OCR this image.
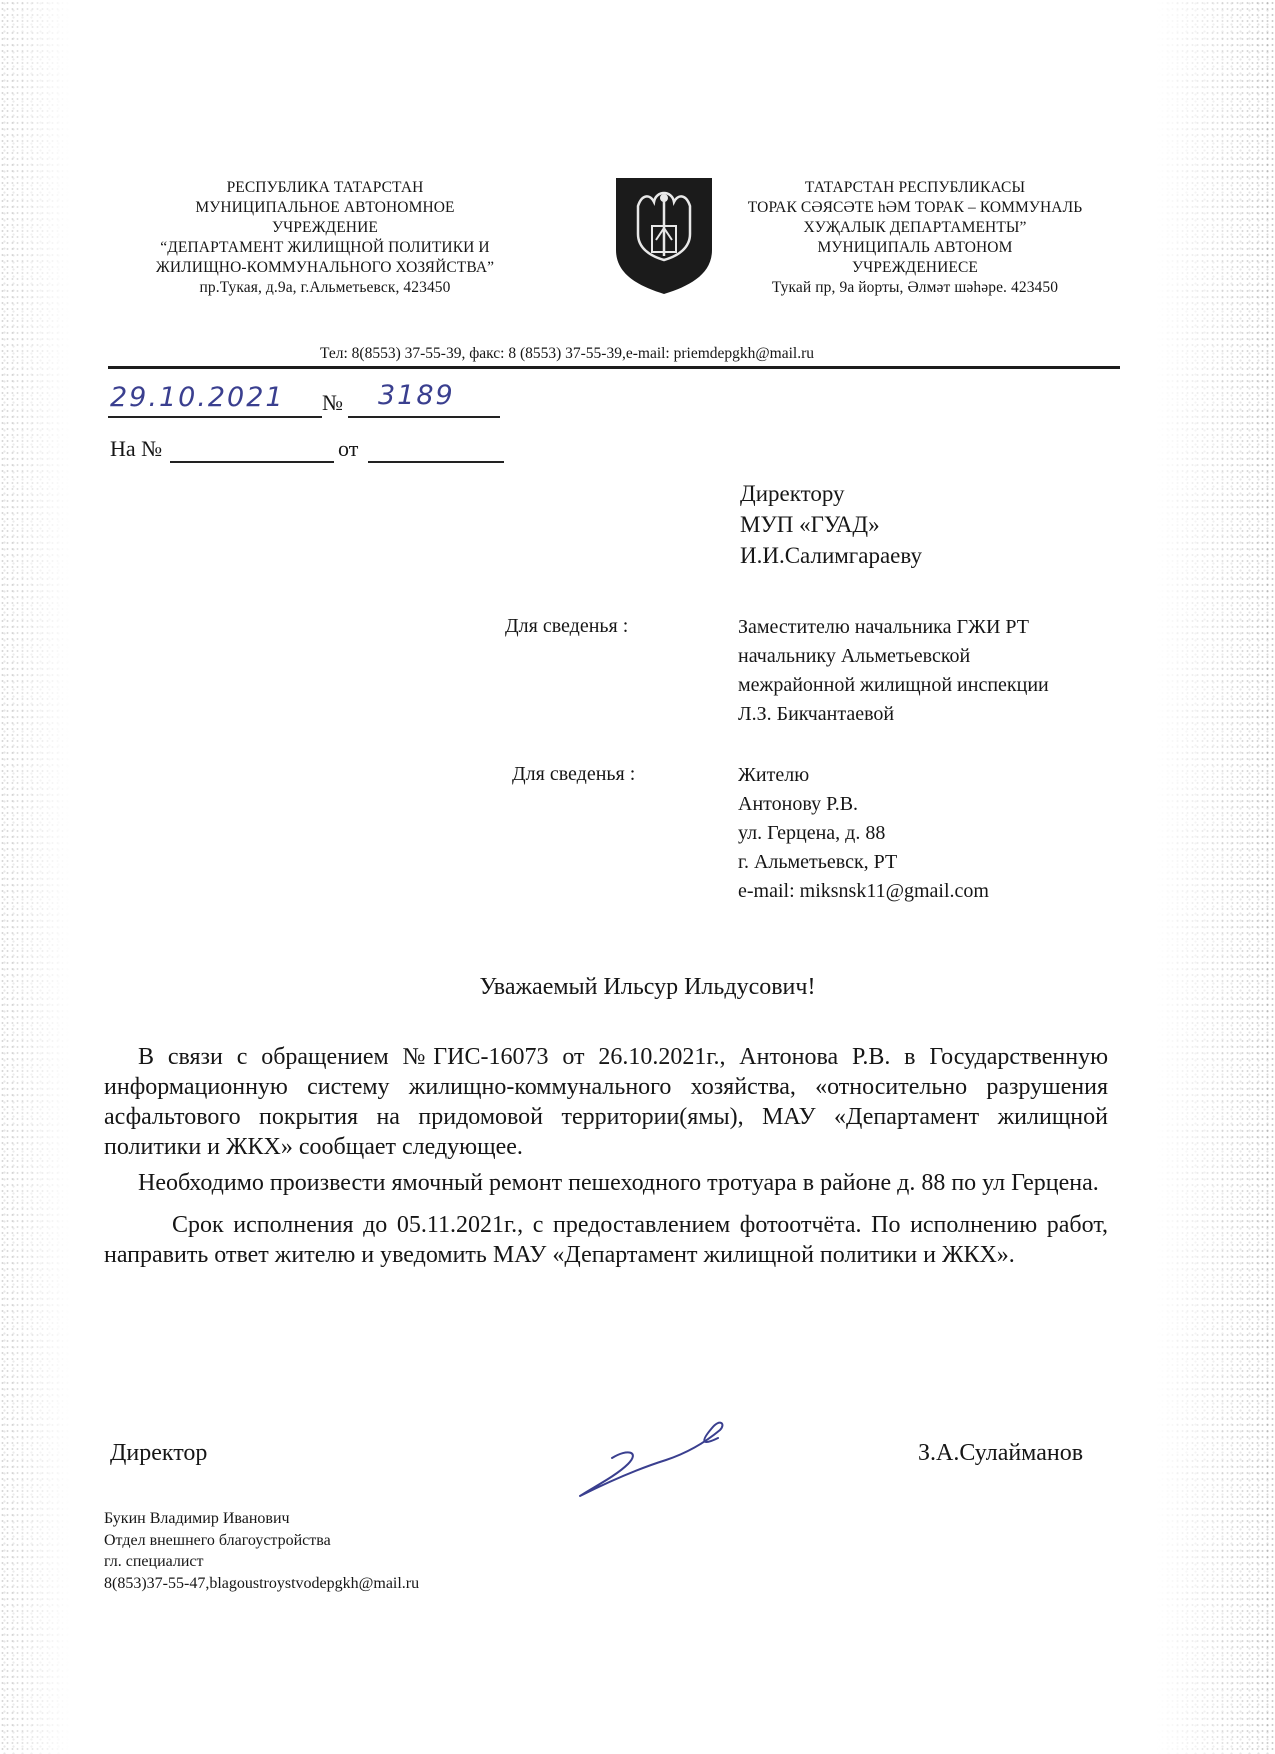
РЕСПУБЛИКА ТАТАРСТАН
МУНИЦИПАЛЬНОЕ АВТОНОМНОЕ
УЧРЕЖДЕНИЕ
“ДЕПАРТАМЕНТ ЖИЛИЩНОЙ ПОЛИТИКИ И
ЖИЛИЩНО-КОММУНАЛЬНОГО ХОЗЯЙСТВА”
пр.Тукая, д.9а, г.Альметьевск, 423450
ТАТАРСТАН РЕСПУБЛИКАСЫ
ТОРАК СӘЯСӘТЕ һӘМ ТОРАК – КОММУНАЛЬ
ХУҖАЛЫК ДЕПАРТАМЕНТЫ”
МУНИЦИПАЛЬ АВТОНОМ
УЧРЕЖДЕНИЕСЕ
Тукай пр, 9а йорты, Әлмәт шәһәре. 423450
Тел: 8(8553) 37-55-39, факс: 8 (8553) 37-55-39,e-mail: priemdepgkh@mail.ru
29.10.2021 № 3189
На №	от
Директору
МУП «ГУАД»
И.И.Салимгараеву
Для сведенья :	Заместителю начальника ГЖИ РТ
начальнику Альметьевской
межрайонной жилищной инспекции
Л.З. Бикчантаевой
Для сведенья :	Жителю
Антонову Р.В.
ул. Герцена, д. 88
г. Альметьевск, РТ
e-mail: miksnsk11@gmail.com
Уважаемый Ильсур Ильдусович!

В связи с обращением №ГИС-16073 от 26.10.2021г., Антонова Р.В. в Государственную информационную систему жилищно-коммунального хозяйства, «относительно разрушения асфальтового покрытия на придомовой территории(ямы), МАУ «Департамент жилищной политики и ЖКХ» сообщает следующее.

Необходимо произвести ямочный ремонт пешеходного тротуара в районе д. 88 по ул Герцена.

Срок исполнения до 05.11.2021г., с предоставлением фотоотчёта. По исполнению работ, направить ответ жителю и уведомить МАУ «Департамент жилищной политики и ЖКХ».

Директор	З.А.Сулайманов
Букин Владимир Иванович
Отдел внешнего благоустройства
гл. специалист
8(853)37-55-47,blagoustroystvodepgkh@mail.ru
